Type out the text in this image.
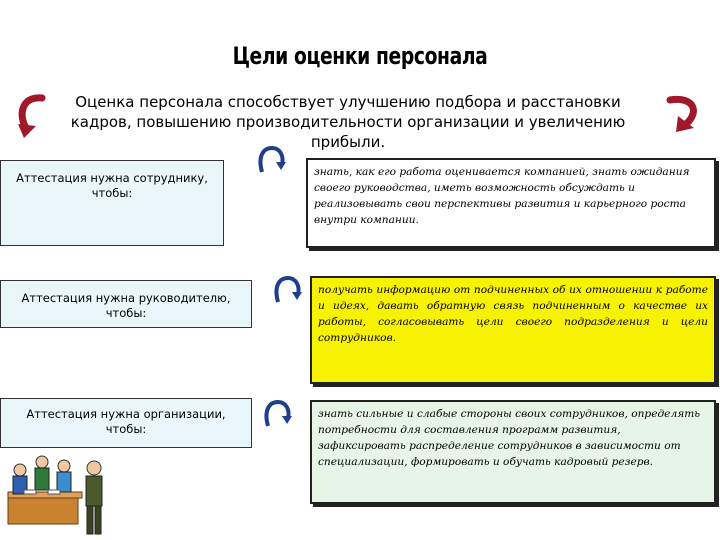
Цели оценки персонала
Оценка персонала способствует улучшению подбора и расстановки кадров, повышению производительности организации и увеличению прибыли.
Аттестация нужна сотруднику, чтобы:
знать, как его работа оценивается компанией, знать ожидания своего руководства, иметь возможность обсуждать и реализовывать свои перспективы развития и карьерного роста внутри компании.
Аттестация нужна руководителю, чтобы:
получать информацию от подчиненных об их отношении к работе и идеях, давать обратную связь подчиненным о качестве их работы, согласовывать цели своего подразделения и цели сотрудников.
Аттестация нужна организации, чтобы:
знать сильные и слабые стороны своих сотрудников, определять потребности для составления программ развития, зафиксировать распределение сотрудников в зависимости от специализации, формировать и обучать кадровый резерв.
